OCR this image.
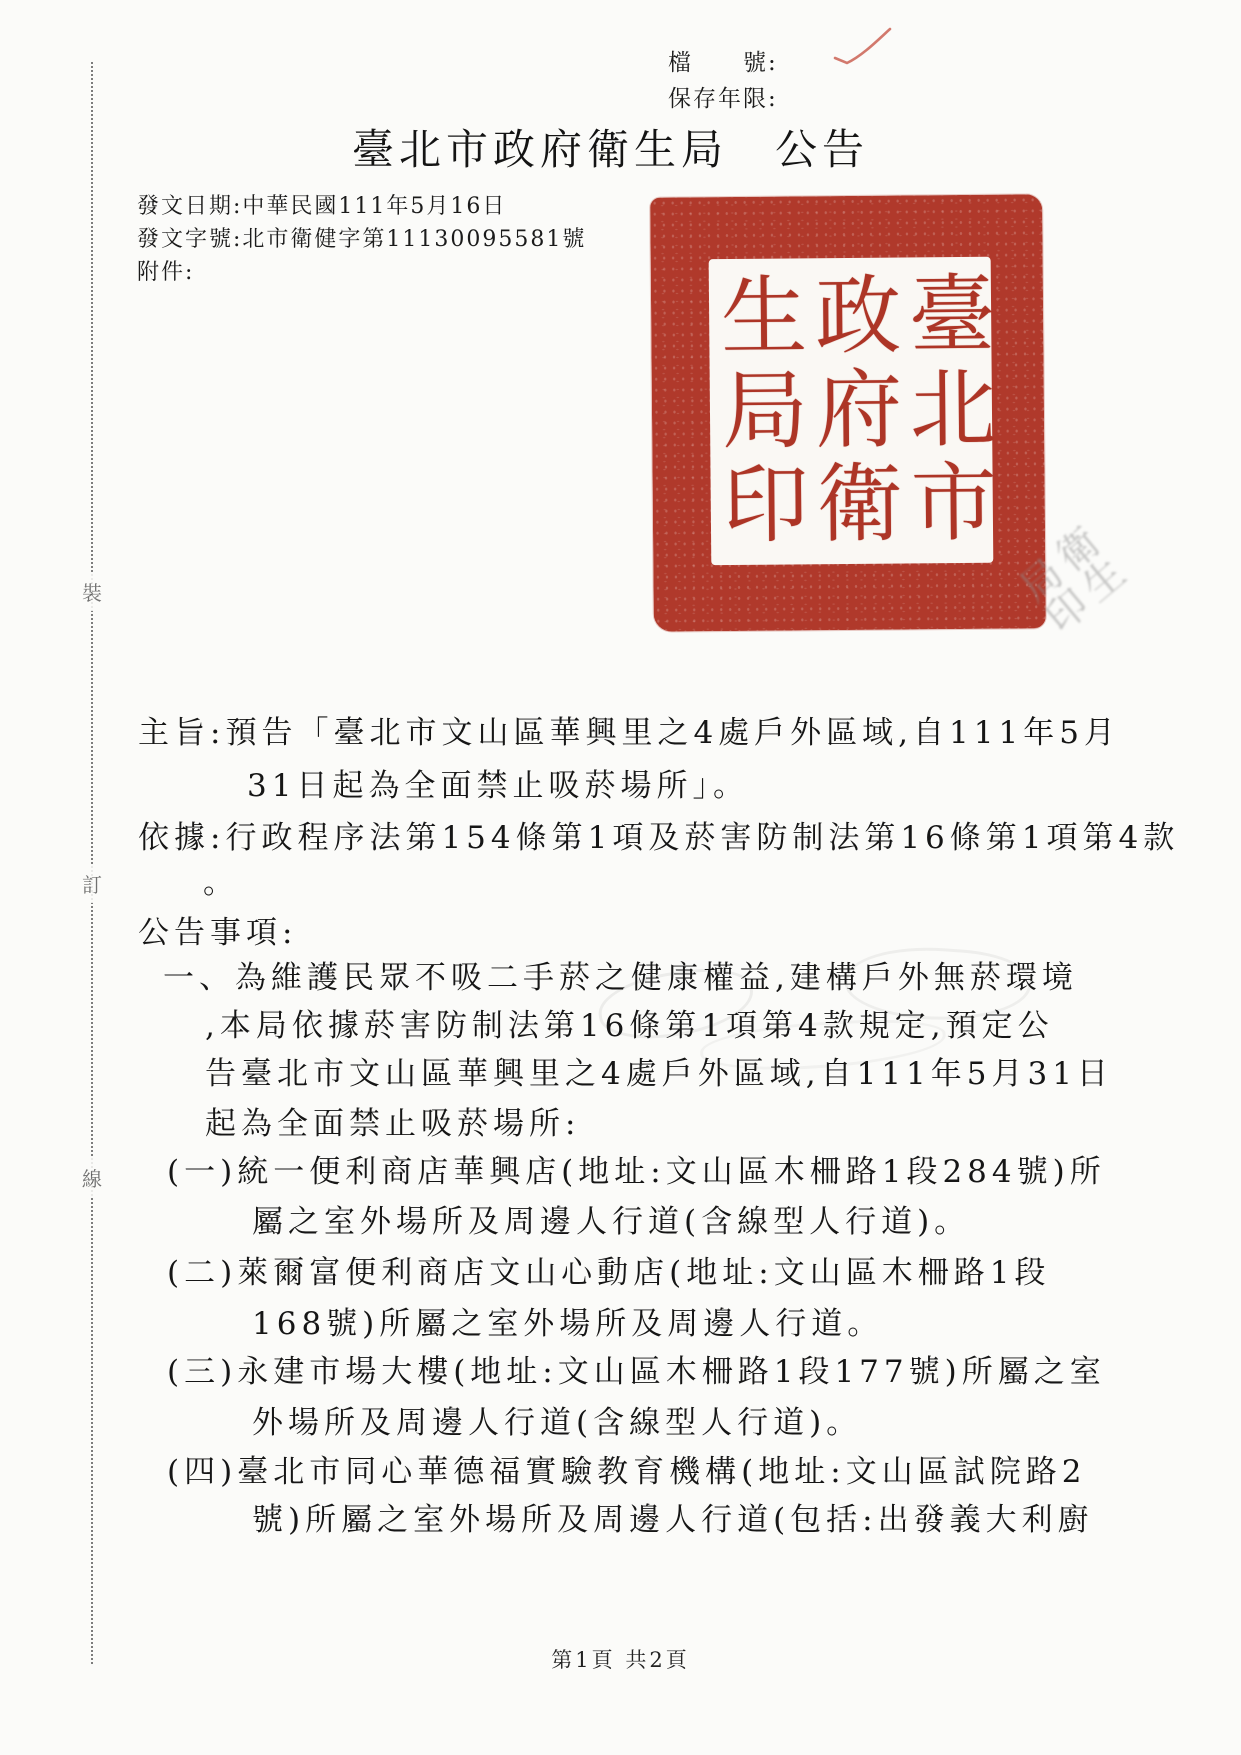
裝
訂
線
檔　　號:
保存年限:
臺北市政府衛生局　公告
發文日期:中華民國111年5月16日
發文字號:北市衛健字第11130095581號
附件:	臺北市
政府衛
生局印
衛生
局印
主旨:預告「臺北市文山區華興里之4處戶外區域,自111年5月
31日起為全面禁止吸菸場所」。
依據:行政程序法第154條第1項及菸害防制法第16條第1項第4款
。
公告事項:
一、為維護民眾不吸二手菸之健康權益,建構戶外無菸環境
,本局依據菸害防制法第16條第1項第4款規定,預定公
告臺北市文山區華興里之4處戶外區域,自111年5月31日
起為全面禁止吸菸場所:
(一)統一便利商店華興店(地址:文山區木柵路1段284號)所
屬之室外場所及周邊人行道(含線型人行道)。
(二)萊爾富便利商店文山心動店(地址:文山區木柵路1段
168號)所屬之室外場所及周邊人行道。
(三)永建市場大樓(地址:文山區木柵路1段177號)所屬之室
外場所及周邊人行道(含線型人行道)。
(四)臺北市同心華德福實驗教育機構(地址:文山區試院路2
號)所屬之室外場所及周邊人行道(包括:出發義大利廚
第1頁 共2頁
